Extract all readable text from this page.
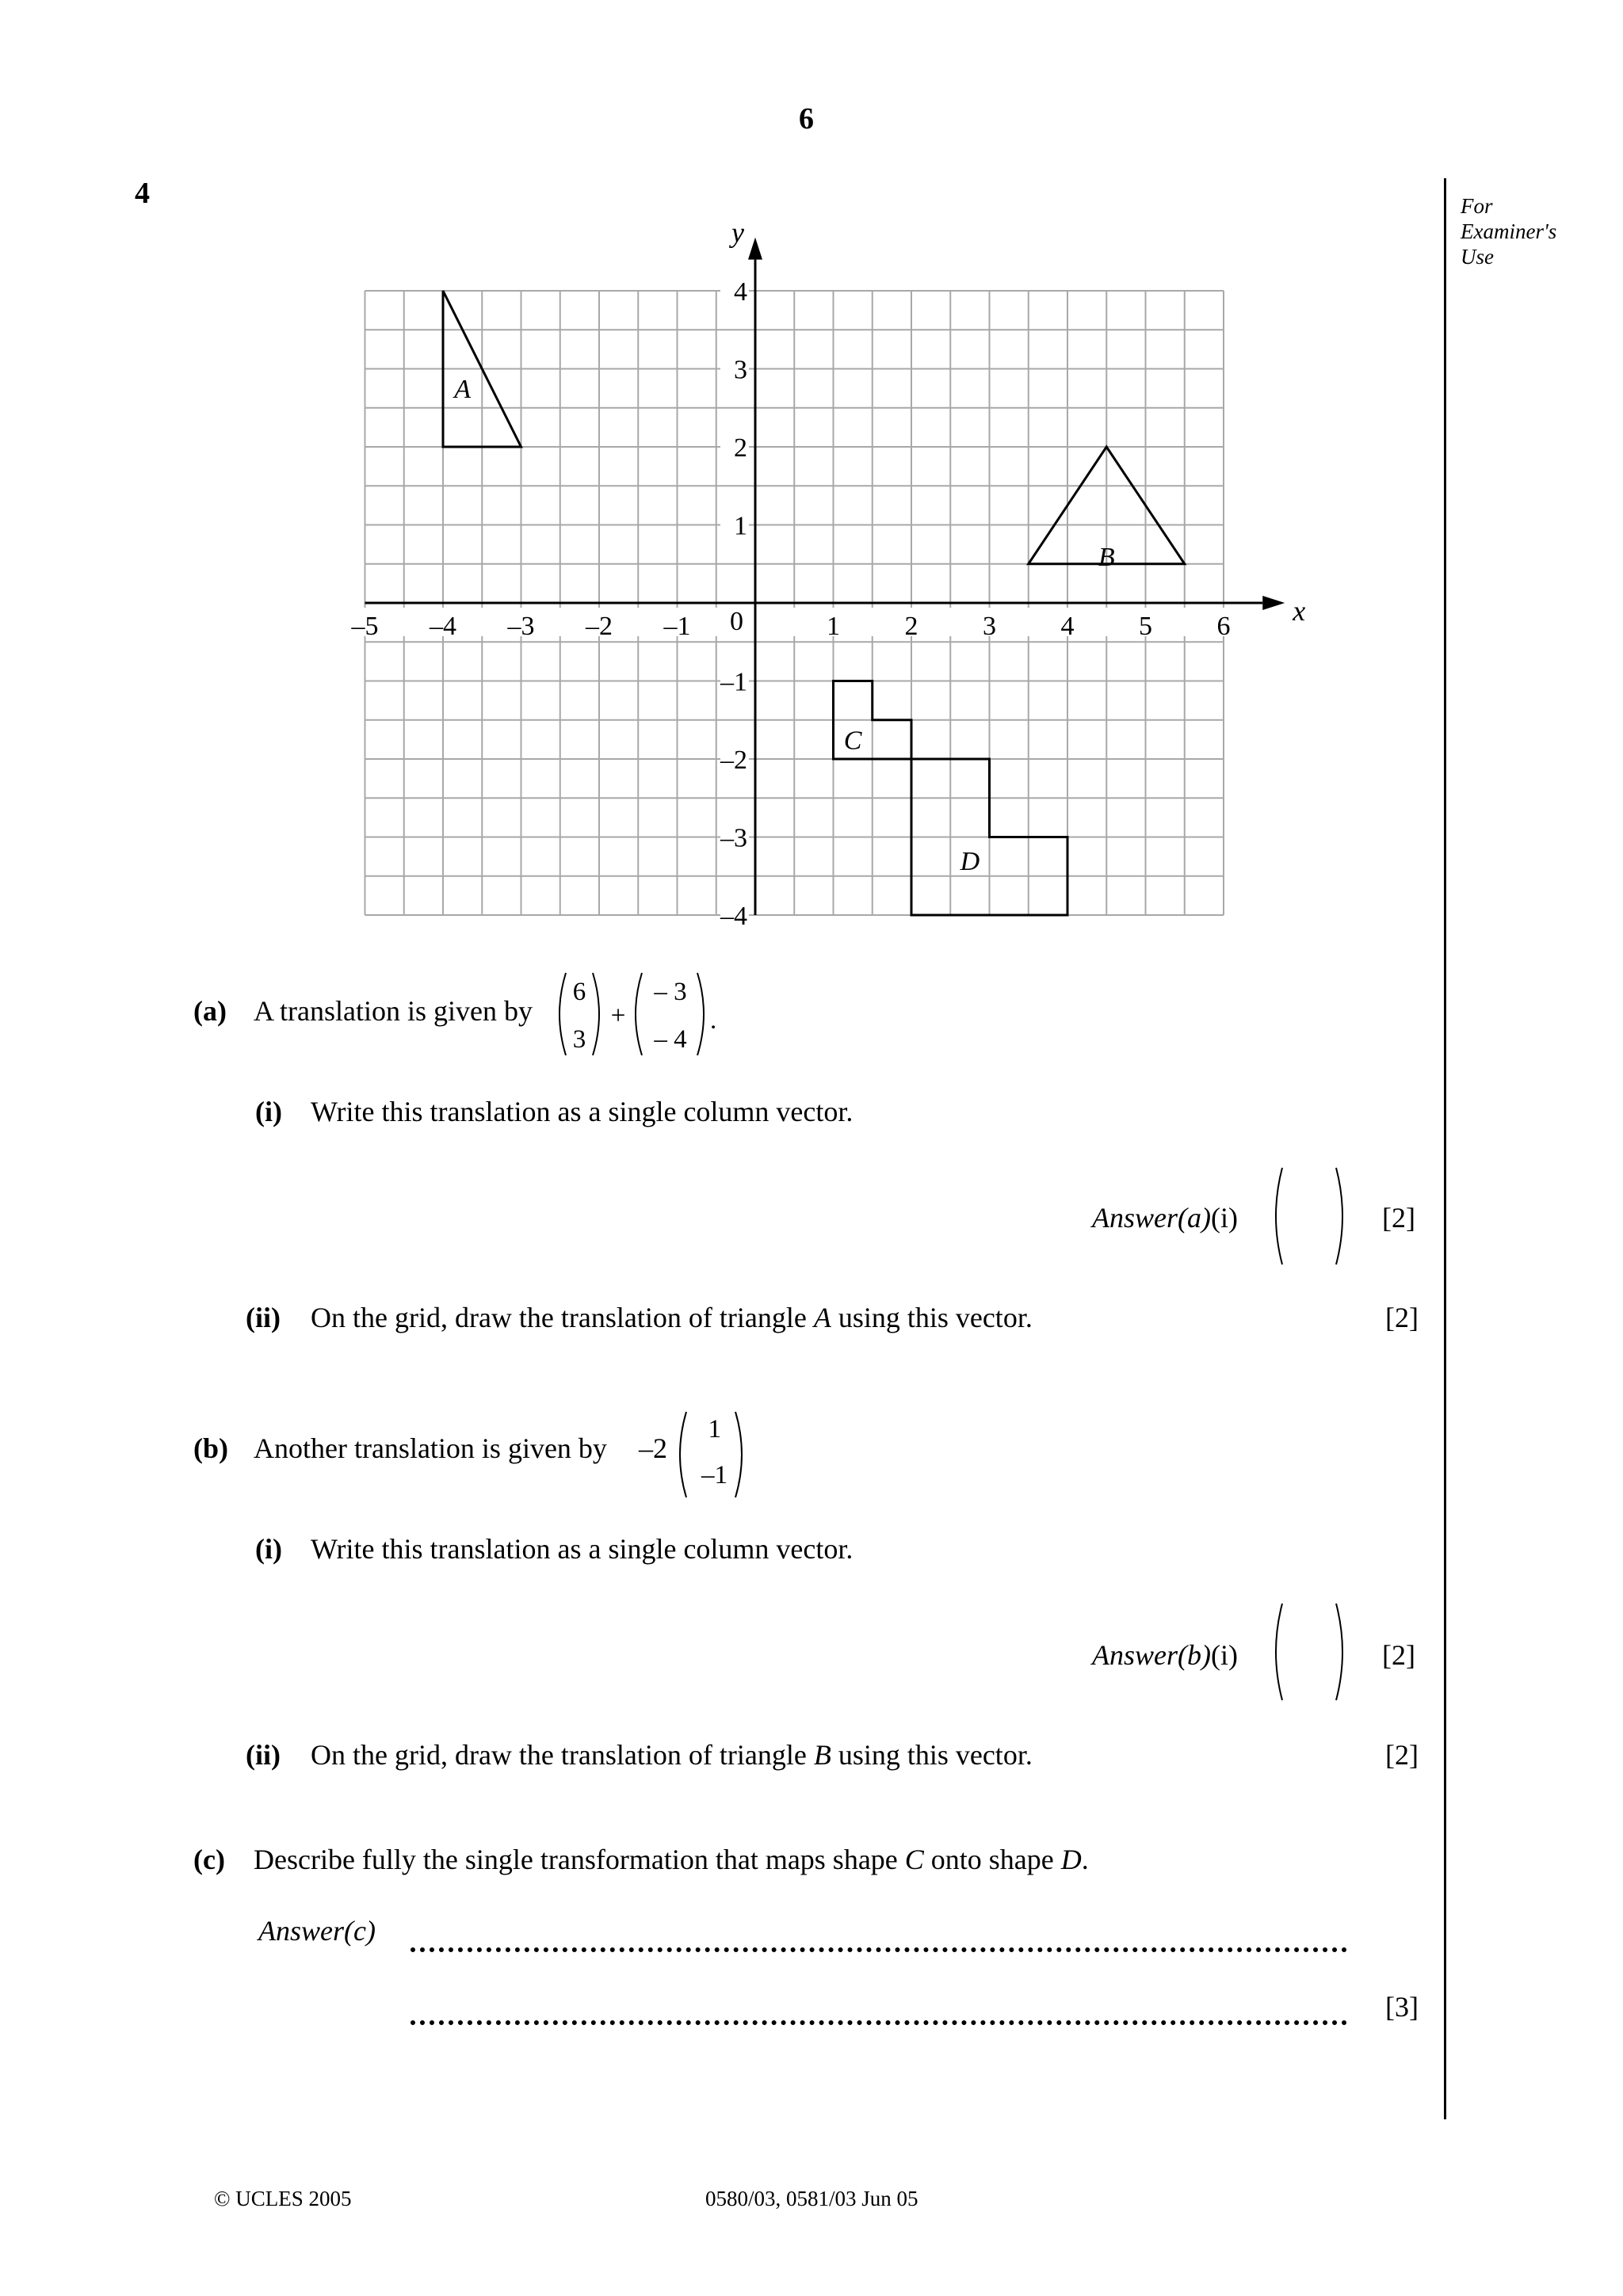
6
4	For
Examiner's
Use
x
y
0
–5 –4 –3 –2 –1	1 2 3 4 5 6
1
2
3
4
–1
–2
–3
–4
A
B
C
D
(a) A translation is given by
6
3
+
– 3
– 4
.
(i) Write this translation as a single column vector.
Answer(a)(i)	[2]
(ii) On the grid, draw the translation of triangle A using this vector.	[2]
(b) Another translation is given by –2
1
–1
(i) Write this translation as a single column vector.
Answer(b)(i)	[2]
(ii) On the grid, draw the translation of triangle B using this vector.	[2]
(c) Describe fully the single transformation that maps shape C onto shape D.
Answer(c)
[3]
© UCLES 2005	0580/03, 0581/03 Jun 05
